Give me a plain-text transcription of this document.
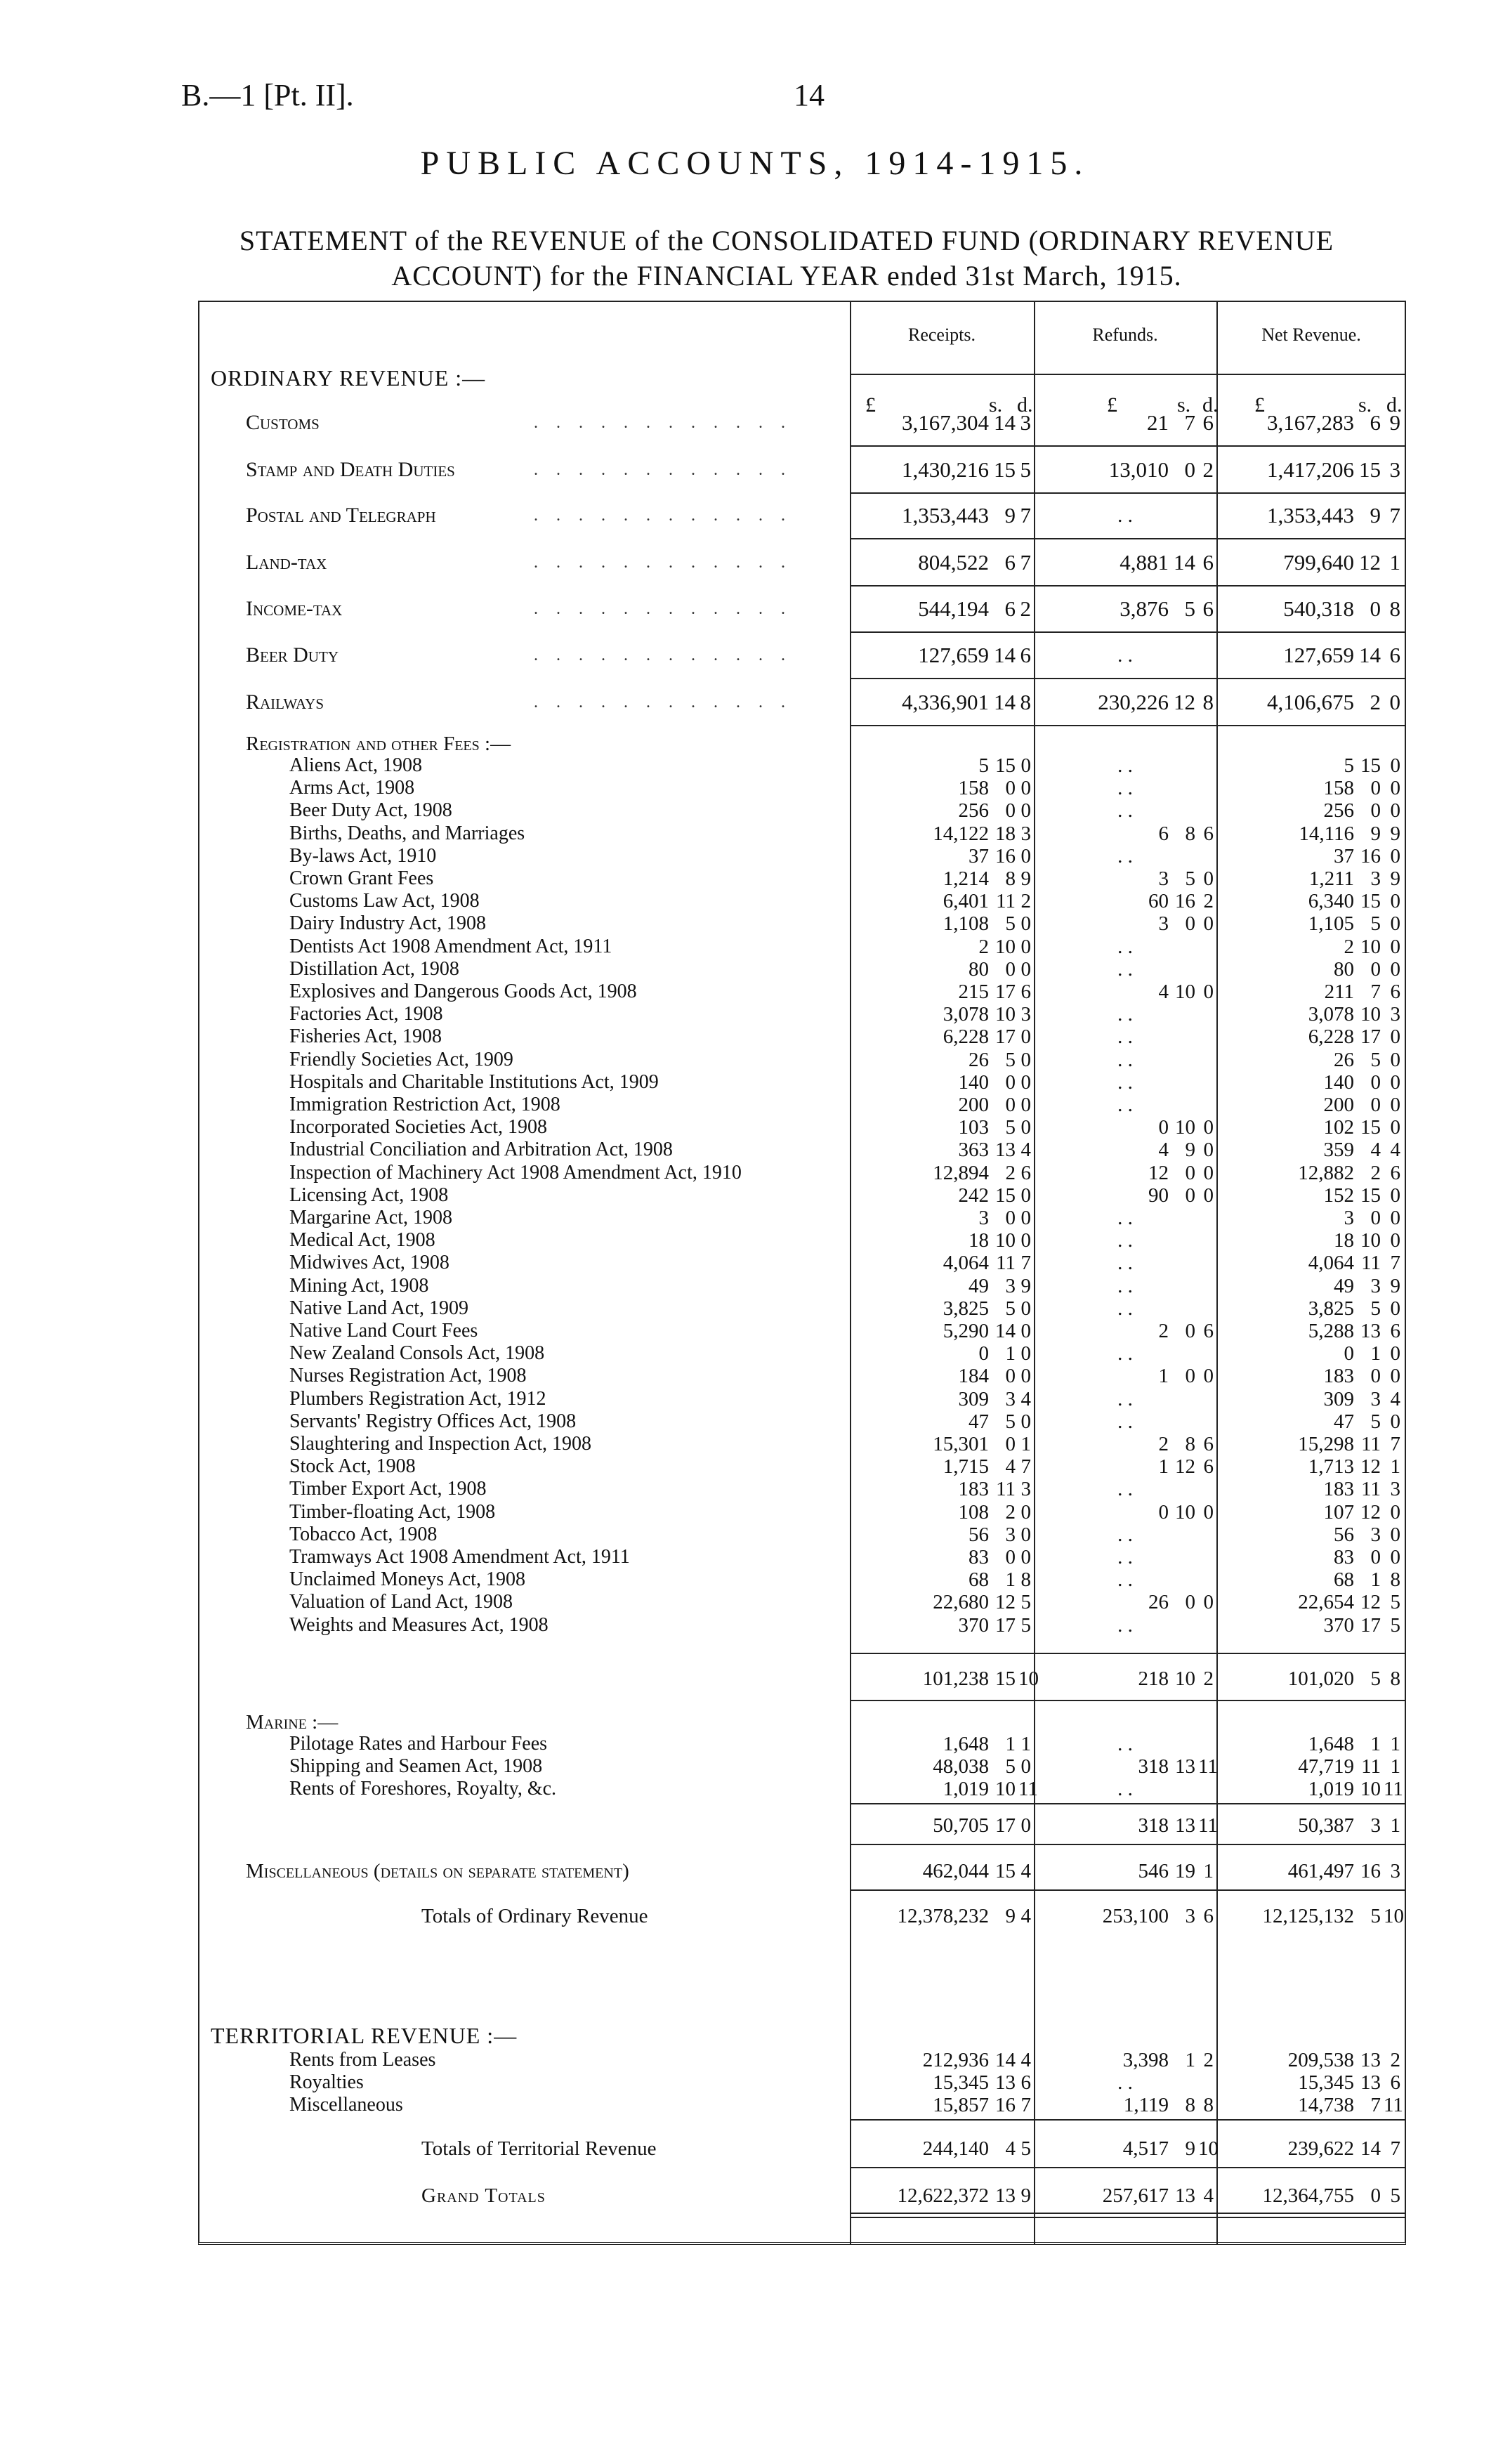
B.—1 [Pt. II].	14
PUBLIC ACCOUNTS, 1914-1915.
STATEMENT of the REVENUE of the CONSOLIDATED FUND (ORDINARY REVENUE
ACCOUNT) for the FINANCIAL YEAR ended 31st March, 1915.
Receipts.	Refunds.	Net Revenue.
£	s. d.	£	s. d. £	s. d.
ORDINARY REVENUE :—
Customs	. . . . . . . . . . . .	3,167,304 14 3	21 7 6	3,167,283 6 9
Stamp and Death Duties	. . . . . . . . . . . .	1,430,216 15 5	13,010 0 2	1,417,206 15 3
Postal and Telegraph	. . . . . . . . . . . .	1,353,443 9 7	. .	1,353,443 9 7
Land-tax	. . . . . . . . . . . .	804,522 6 7	4,881 14 6	799,640 12 1
Income-tax	. . . . . . . . . . . .	544,194 6 2	3,876 5 6	540,318 0 8
Beer Duty	. . . . . . . . . . . .	127,659 14 6	. .	127,659 14 6
Railways	. . . . . . . . . . . .	4,336,901 14 8	230,226 12 8	4,106,675 2 0
Registration and other Fees :—
Aliens Act, 1908	5 15 0	. .	5 15 0
Arms Act, 1908	158 0 0	. .	158 0 0
Beer Duty Act, 1908	256 0 0	. .	256 0 0
Births, Deaths, and Marriages	14,122 18 3	6 8 6	14,116 9 9
By-laws Act, 1910	37 16 0	. .	37 16 0
Crown Grant Fees	1,214 8 9	3 5 0	1,211 3 9
Customs Law Act, 1908	6,401 11 2	60 16 2	6,340 15 0
Dairy Industry Act, 1908	1,108 5 0	3 0 0	1,105 5 0
Dentists Act 1908 Amendment Act, 1911	2 10 0	. .	2 10 0
Distillation Act, 1908	80 0 0	. .	80 0 0
Explosives and Dangerous Goods Act, 1908	215 17 6	4 10 0	211 7 6
Factories Act, 1908	3,078 10 3	. .	3,078 10 3
Fisheries Act, 1908	6,228 17 0	. .	6,228 17 0
Friendly Societies Act, 1909	26 5 0	. .	26 5 0
Hospitals and Charitable Institutions Act, 1909	140 0 0	. .	140 0 0
Immigration Restriction Act, 1908	200 0 0	. .	200 0 0
Incorporated Societies Act, 1908	103 5 0	0 10 0	102 15 0
Industrial Conciliation and Arbitration Act, 1908	363 13 4	4 9 0	359 4 4
Inspection of Machinery Act 1908 Amendment Act, 1910	12,894 2 6	12 0 0	12,882 2 6
Licensing Act, 1908	242 15 0	90 0 0	152 15 0
Margarine Act, 1908	3 0 0	. .	3 0 0
Medical Act, 1908	18 10 0	. .	18 10 0
Midwives Act, 1908	4,064 11 7	. .	4,064 11 7
Mining Act, 1908	49 3 9	. .	49 3 9
Native Land Act, 1909	3,825 5 0	. .	3,825 5 0
Native Land Court Fees	5,290 14 0	2 0 6	5,288 13 6
New Zealand Consols Act, 1908	0 1 0	. .	0 1 0
Nurses Registration Act, 1908	184 0 0	1 0 0	183 0 0
Plumbers Registration Act, 1912	309 3 4	. .	309 3 4
Servants' Registry Offices Act, 1908	47 5 0	. .	47 5 0
Slaughtering and Inspection Act, 1908	15,301 0 1	2 8 6	15,298 11 7
Stock Act, 1908	1,715 4 7	1 12 6	1,713 12 1
Timber Export Act, 1908	183 11 3	. .	183 11 3
Timber-floating Act, 1908	108 2 0	0 10 0	107 12 0
Tobacco Act, 1908	56 3 0	. .	56 3 0
Tramways Act 1908 Amendment Act, 1911	83 0 0	. .	83 0 0
Unclaimed Moneys Act, 1908	68 1 8	. .	68 1 8
Valuation of Land Act, 1908	22,680 12 5	26 0 0	22,654 12 5
Weights and Measures Act, 1908	370 17 5	. .	370 17 5
101,238 15 10	218 10 2	101,020 5 8
Marine :—
Pilotage Rates and Harbour Fees	1,648 1 1	. .	1,648 1 1
Shipping and Seamen Act, 1908	48,038 5 0	318 13 11	47,719 11 1
Rents of Foreshores, Royalty, &c.	1,019 10 11	. .	1,019 10 11
50,705 17 0	318 13 11	50,387 3 1
Miscellaneous (details on separate statement)	462,044 15 4	546 19 1	461,497 16 3
Totals of Ordinary Revenue	12,378,232 9 4	253,100 3 6	12,125,132 5 10
TERRITORIAL REVENUE :—
Rents from Leases	212,936 14 4	3,398 1 2	209,538 13 2
Royalties	15,345 13 6	. .	15,345 13 6
Miscellaneous	15,857 16 7	1,119 8 8	14,738 7 11
Totals of Territorial Revenue	244,140 4 5	4,517 9 10	239,622 14 7
Grand Totals	12,622,372 13 9	257,617 13 4	12,364,755 0 5
